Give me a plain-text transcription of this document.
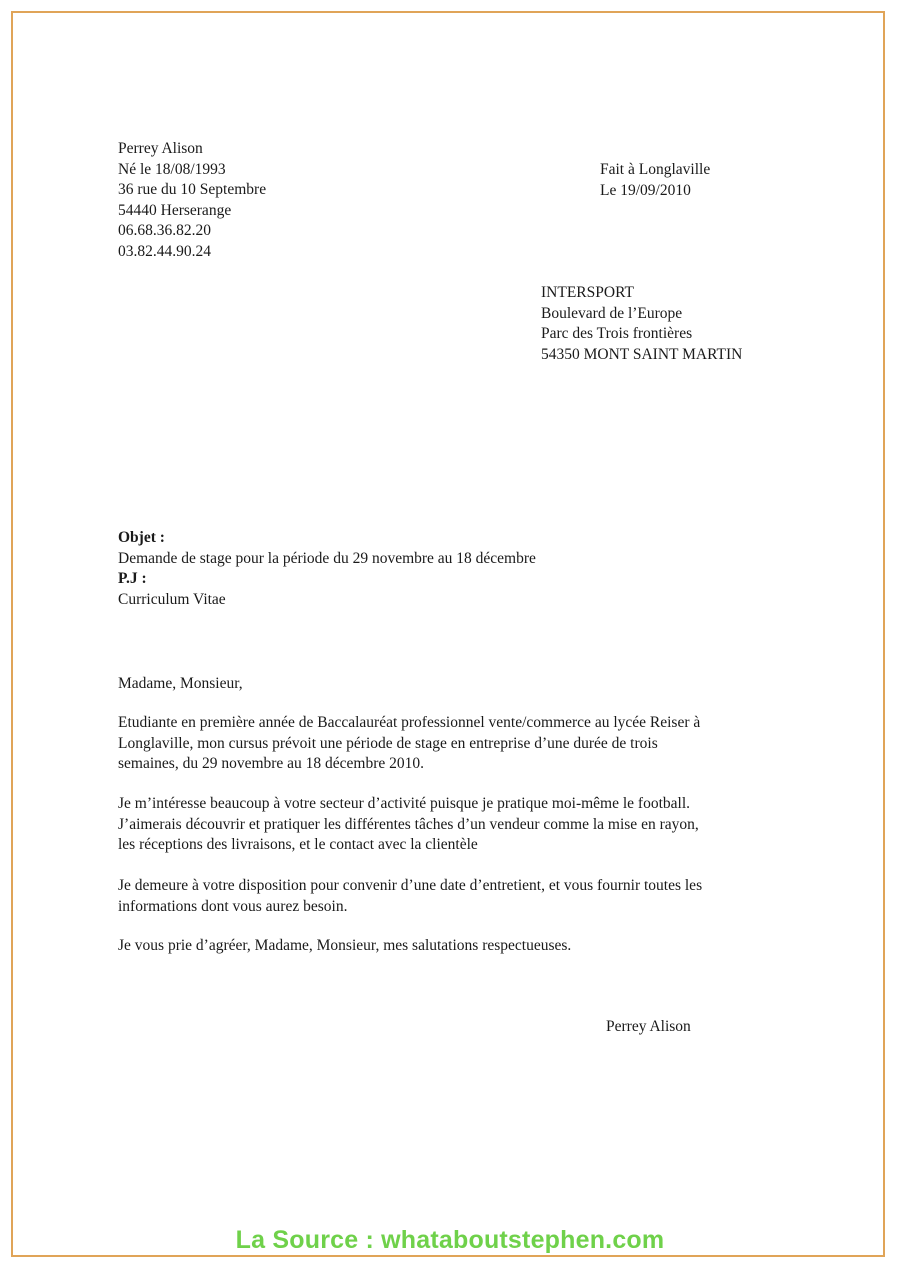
Perrey Alison
Né le 18/08/1993
36 rue du 10 Septembre
54440 Herserange
06.68.36.82.20
03.82.44.90.24
Fait à Longlaville
Le 19/09/2010
INTERSPORT
Boulevard de l’Europe
Parc des Trois frontières
54350 MONT SAINT MARTIN
Objet :
Demande de stage pour la période du 29 novembre au 18 décembre
P.J :
Curriculum Vitae
Madame, Monsieur,
Etudiante en première année de Baccalauréat professionnel vente/commerce au lycée Reiser à
Longlaville, mon cursus prévoit une période de stage en entreprise d’une durée de trois
semaines, du 29 novembre au 18 décembre 2010.
Je m’intéresse beaucoup à votre secteur d’activité puisque je pratique moi-même le football.
J’aimerais découvrir et pratiquer les différentes tâches d’un vendeur comme la mise en rayon,
les réceptions des livraisons, et le contact avec la clientèle
Je demeure à votre disposition pour convenir d’une date d’entretient, et vous fournir toutes les
informations dont vous aurez besoin.
Je vous prie d’agréer, Madame, Monsieur, mes salutations respectueuses.
Perrey Alison
La Source : whataboutstephen.com
